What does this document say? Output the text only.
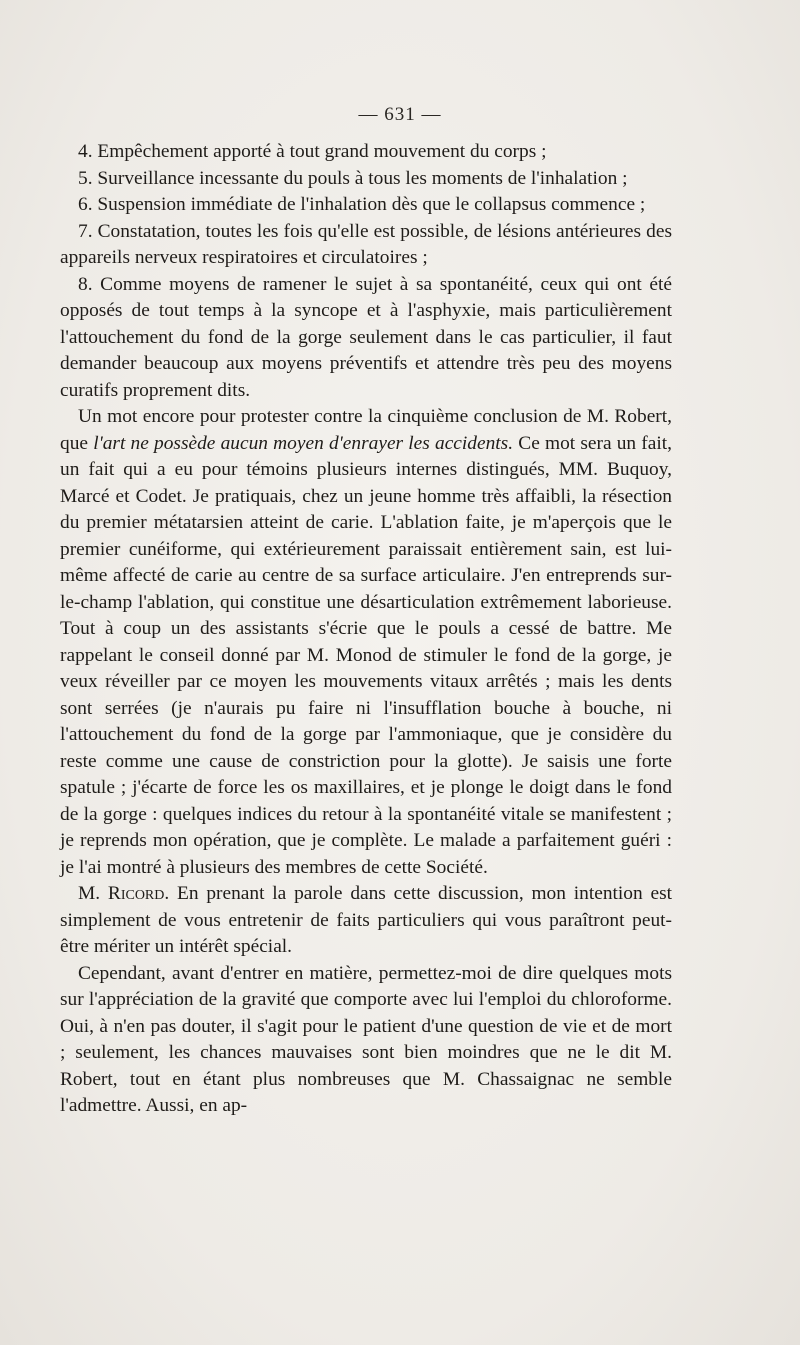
— 631 —

4. Empêchement apporté à tout grand mouvement du corps ;

5. Surveillance incessante du pouls à tous les moments de l'inhalation ;

6. Suspension immédiate de l'inhalation dès que le collapsus commence ;

7. Constatation, toutes les fois qu'elle est possible, de lésions antérieures des appareils nerveux respiratoires et circulatoires ;

8. Comme moyens de ramener le sujet à sa spontanéité, ceux qui ont été opposés de tout temps à la syncope et à l'asphyxie, mais particulièrement l'attouchement du fond de la gorge seulement dans le cas particulier, il faut demander beaucoup aux moyens préventifs et attendre très peu des moyens curatifs proprement dits.

Un mot encore pour protester contre la cinquième conclusion de M. Robert, que l'art ne possède aucun moyen d'enrayer les accidents. Ce mot sera un fait, un fait qui a eu pour témoins plusieurs internes distingués, MM. Buquoy, Marcé et Codet. Je pratiquais, chez un jeune homme très affaibli, la résection du premier métatarsien atteint de carie. L'ablation faite, je m'aperçois que le premier cunéiforme, qui extérieurement paraissait entièrement sain, est lui-même affecté de carie au centre de sa surface articulaire. J'en entreprends sur-le-champ l'ablation, qui constitue une désarticulation extrêmement laborieuse. Tout à coup un des assistants s'écrie que le pouls a cessé de battre. Me rappelant le conseil donné par M. Monod de stimuler le fond de la gorge, je veux réveiller par ce moyen les mouvements vitaux arrêtés ; mais les dents sont serrées (je n'aurais pu faire ni l'insufflation bouche à bouche, ni l'attouchement du fond de la gorge par l'ammoniaque, que je considère du reste comme une cause de constriction pour la glotte). Je saisis une forte spatule ; j'écarte de force les os maxillaires, et je plonge le doigt dans le fond de la gorge : quelques indices du retour à la spontanéité vitale se manifestent ; je reprends mon opération, que je complète. Le malade a parfaitement guéri : je l'ai montré à plusieurs des membres de cette Société.

M. Ricord. En prenant la parole dans cette discussion, mon intention est simplement de vous entretenir de faits particuliers qui vous paraîtront peut-être mériter un intérêt spécial.

Cependant, avant d'entrer en matière, permettez-moi de dire quelques mots sur l'appréciation de la gravité que comporte avec lui l'emploi du chloroforme. Oui, à n'en pas douter, il s'agit pour le patient d'une question de vie et de mort ; seulement, les chances mauvaises sont bien moindres que ne le dit M. Robert, tout en étant plus nombreuses que M. Chassaignac ne semble l'admettre. Aussi, en ap-
